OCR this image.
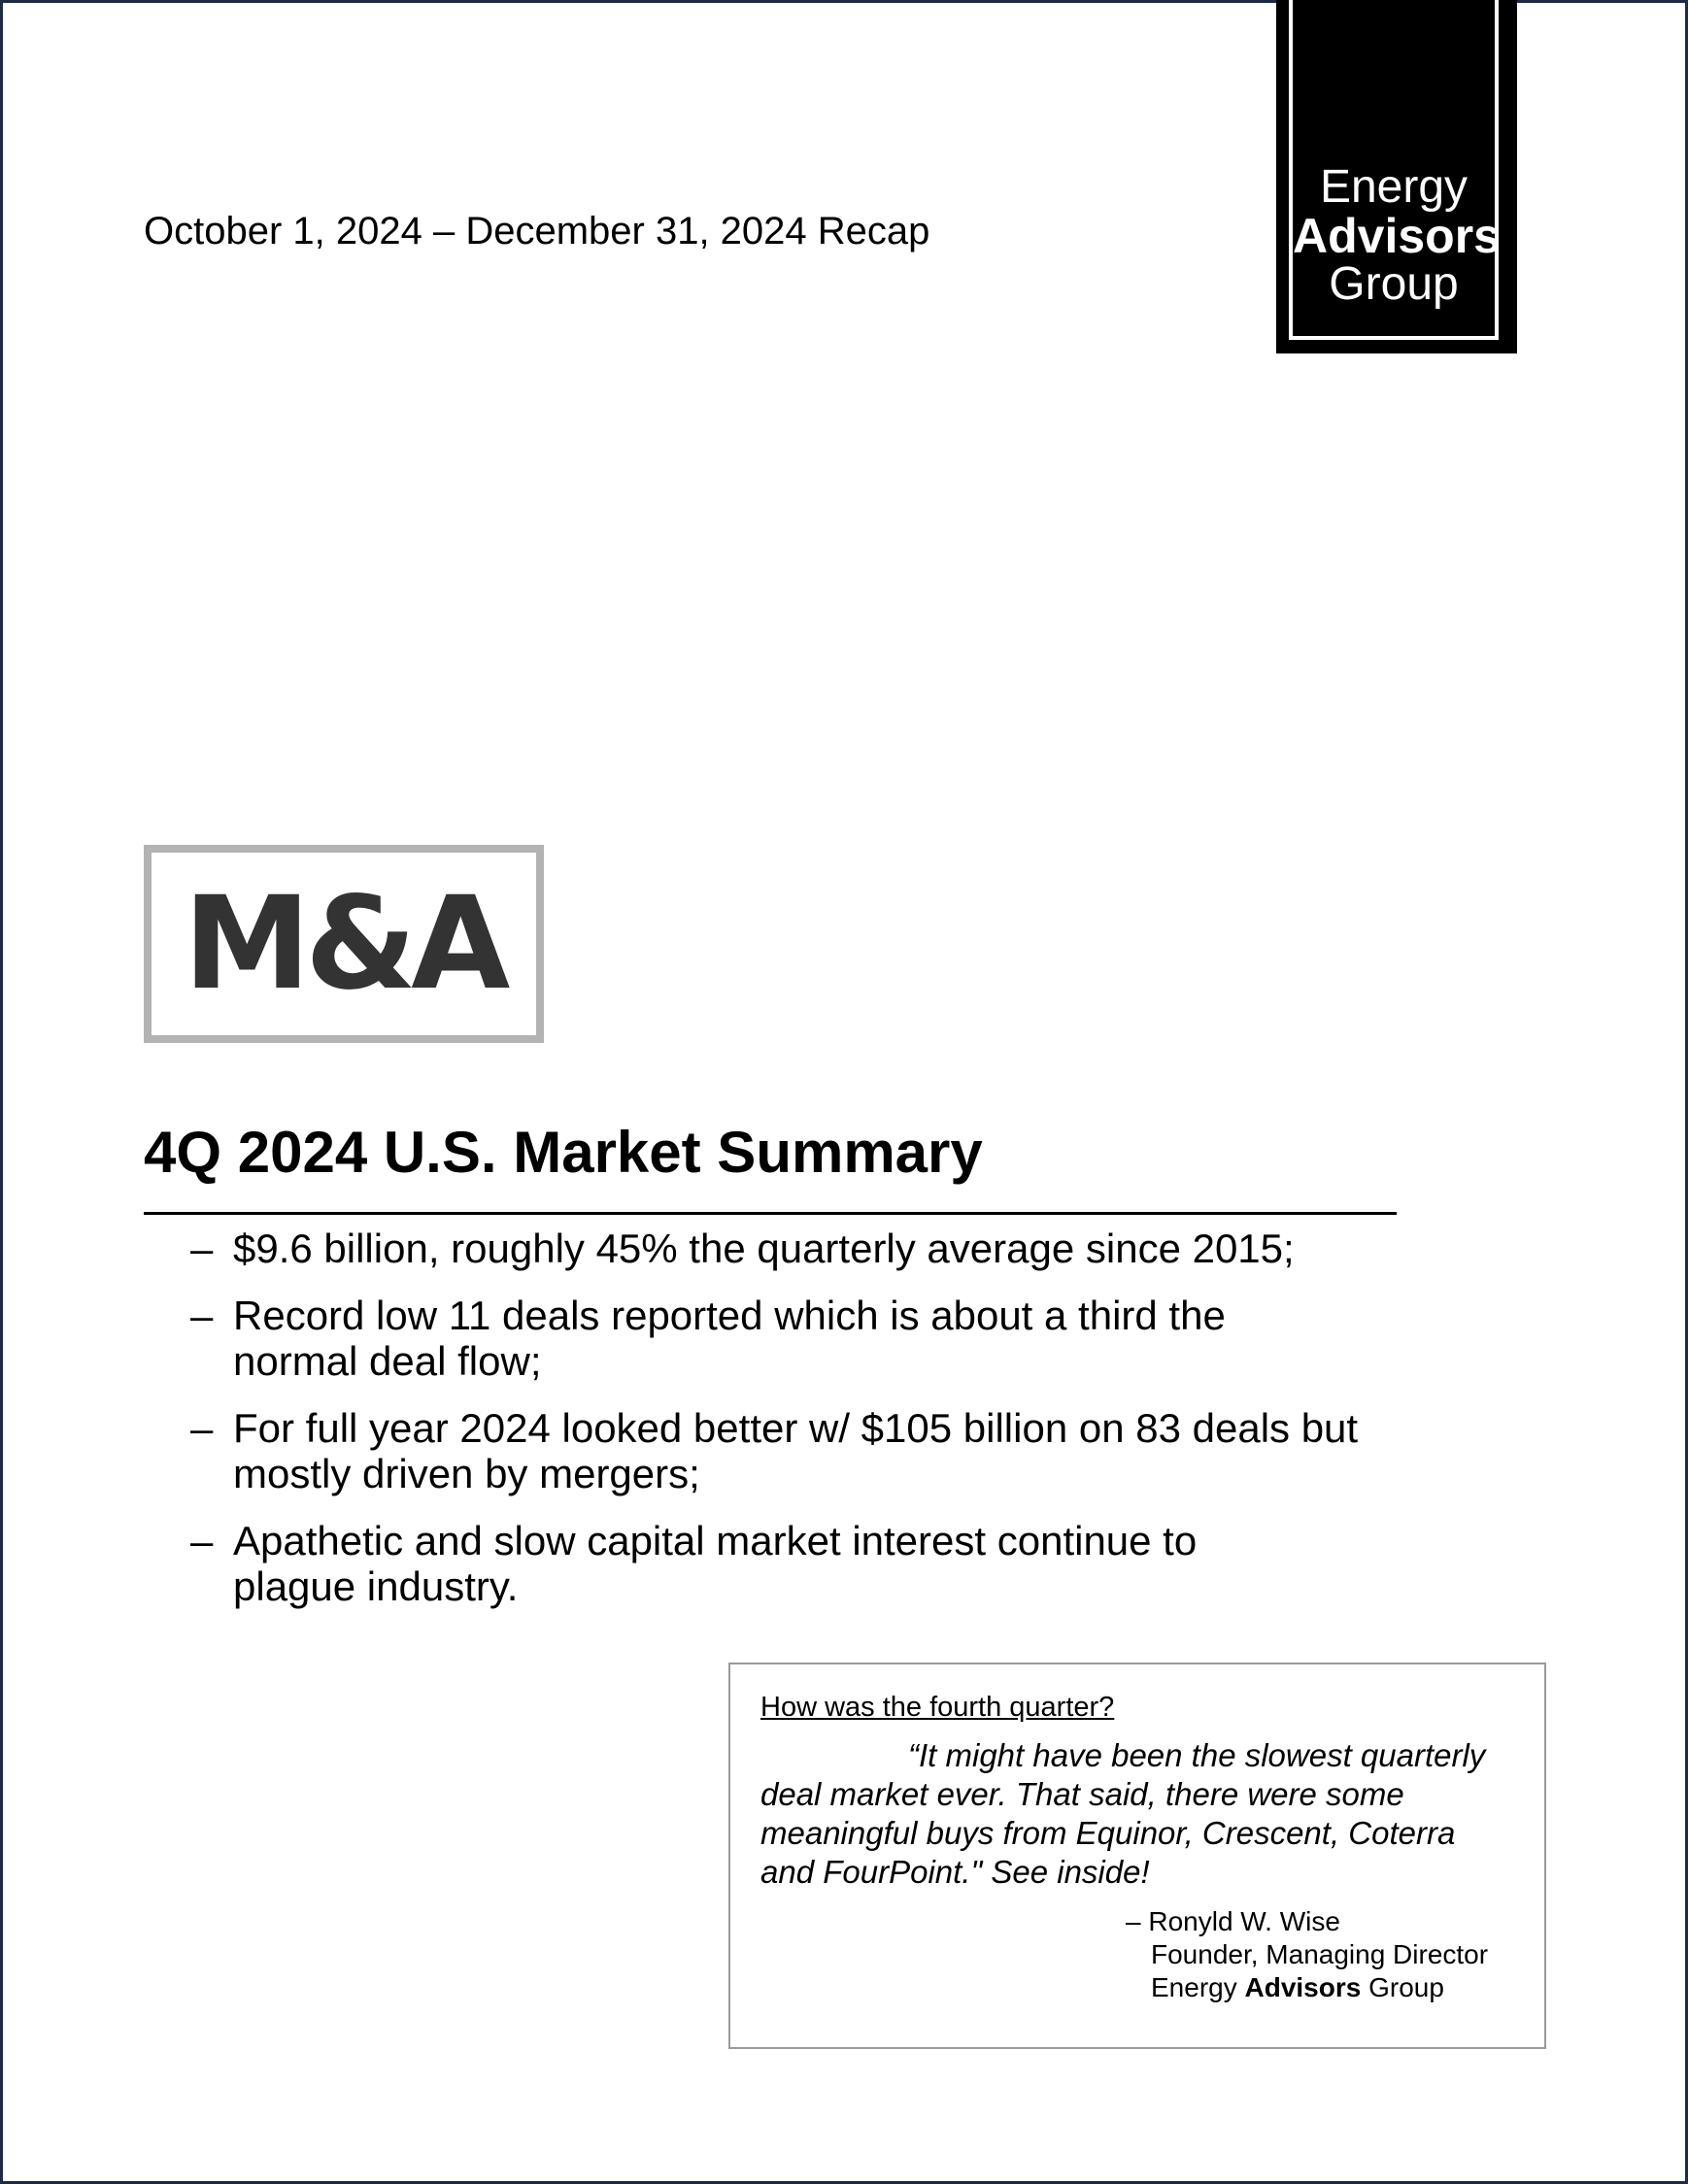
October 1, 2024 – December 31, 2024 Recap
Energy
Advisors
Group
M&A
4Q 2024 U.S. Market Summary
– $9.6 billion, roughly 45% the quarterly average since 2015;
– Record low 11 deals reported which is about a third the normal deal flow;
– For full year 2024 looked better w/ $105 billion on 83 deals but mostly driven by mergers;
– Apathetic and slow capital market interest continue to plague industry.
How was the fourth quarter?
“It might have been the slowest quarterly deal market ever. That said, there were some meaningful buys from Equinor, Crescent, Coterra and FourPoint." See inside!
– Ronyld W. Wise
Founder, Managing Director
Energy Advisors Group
